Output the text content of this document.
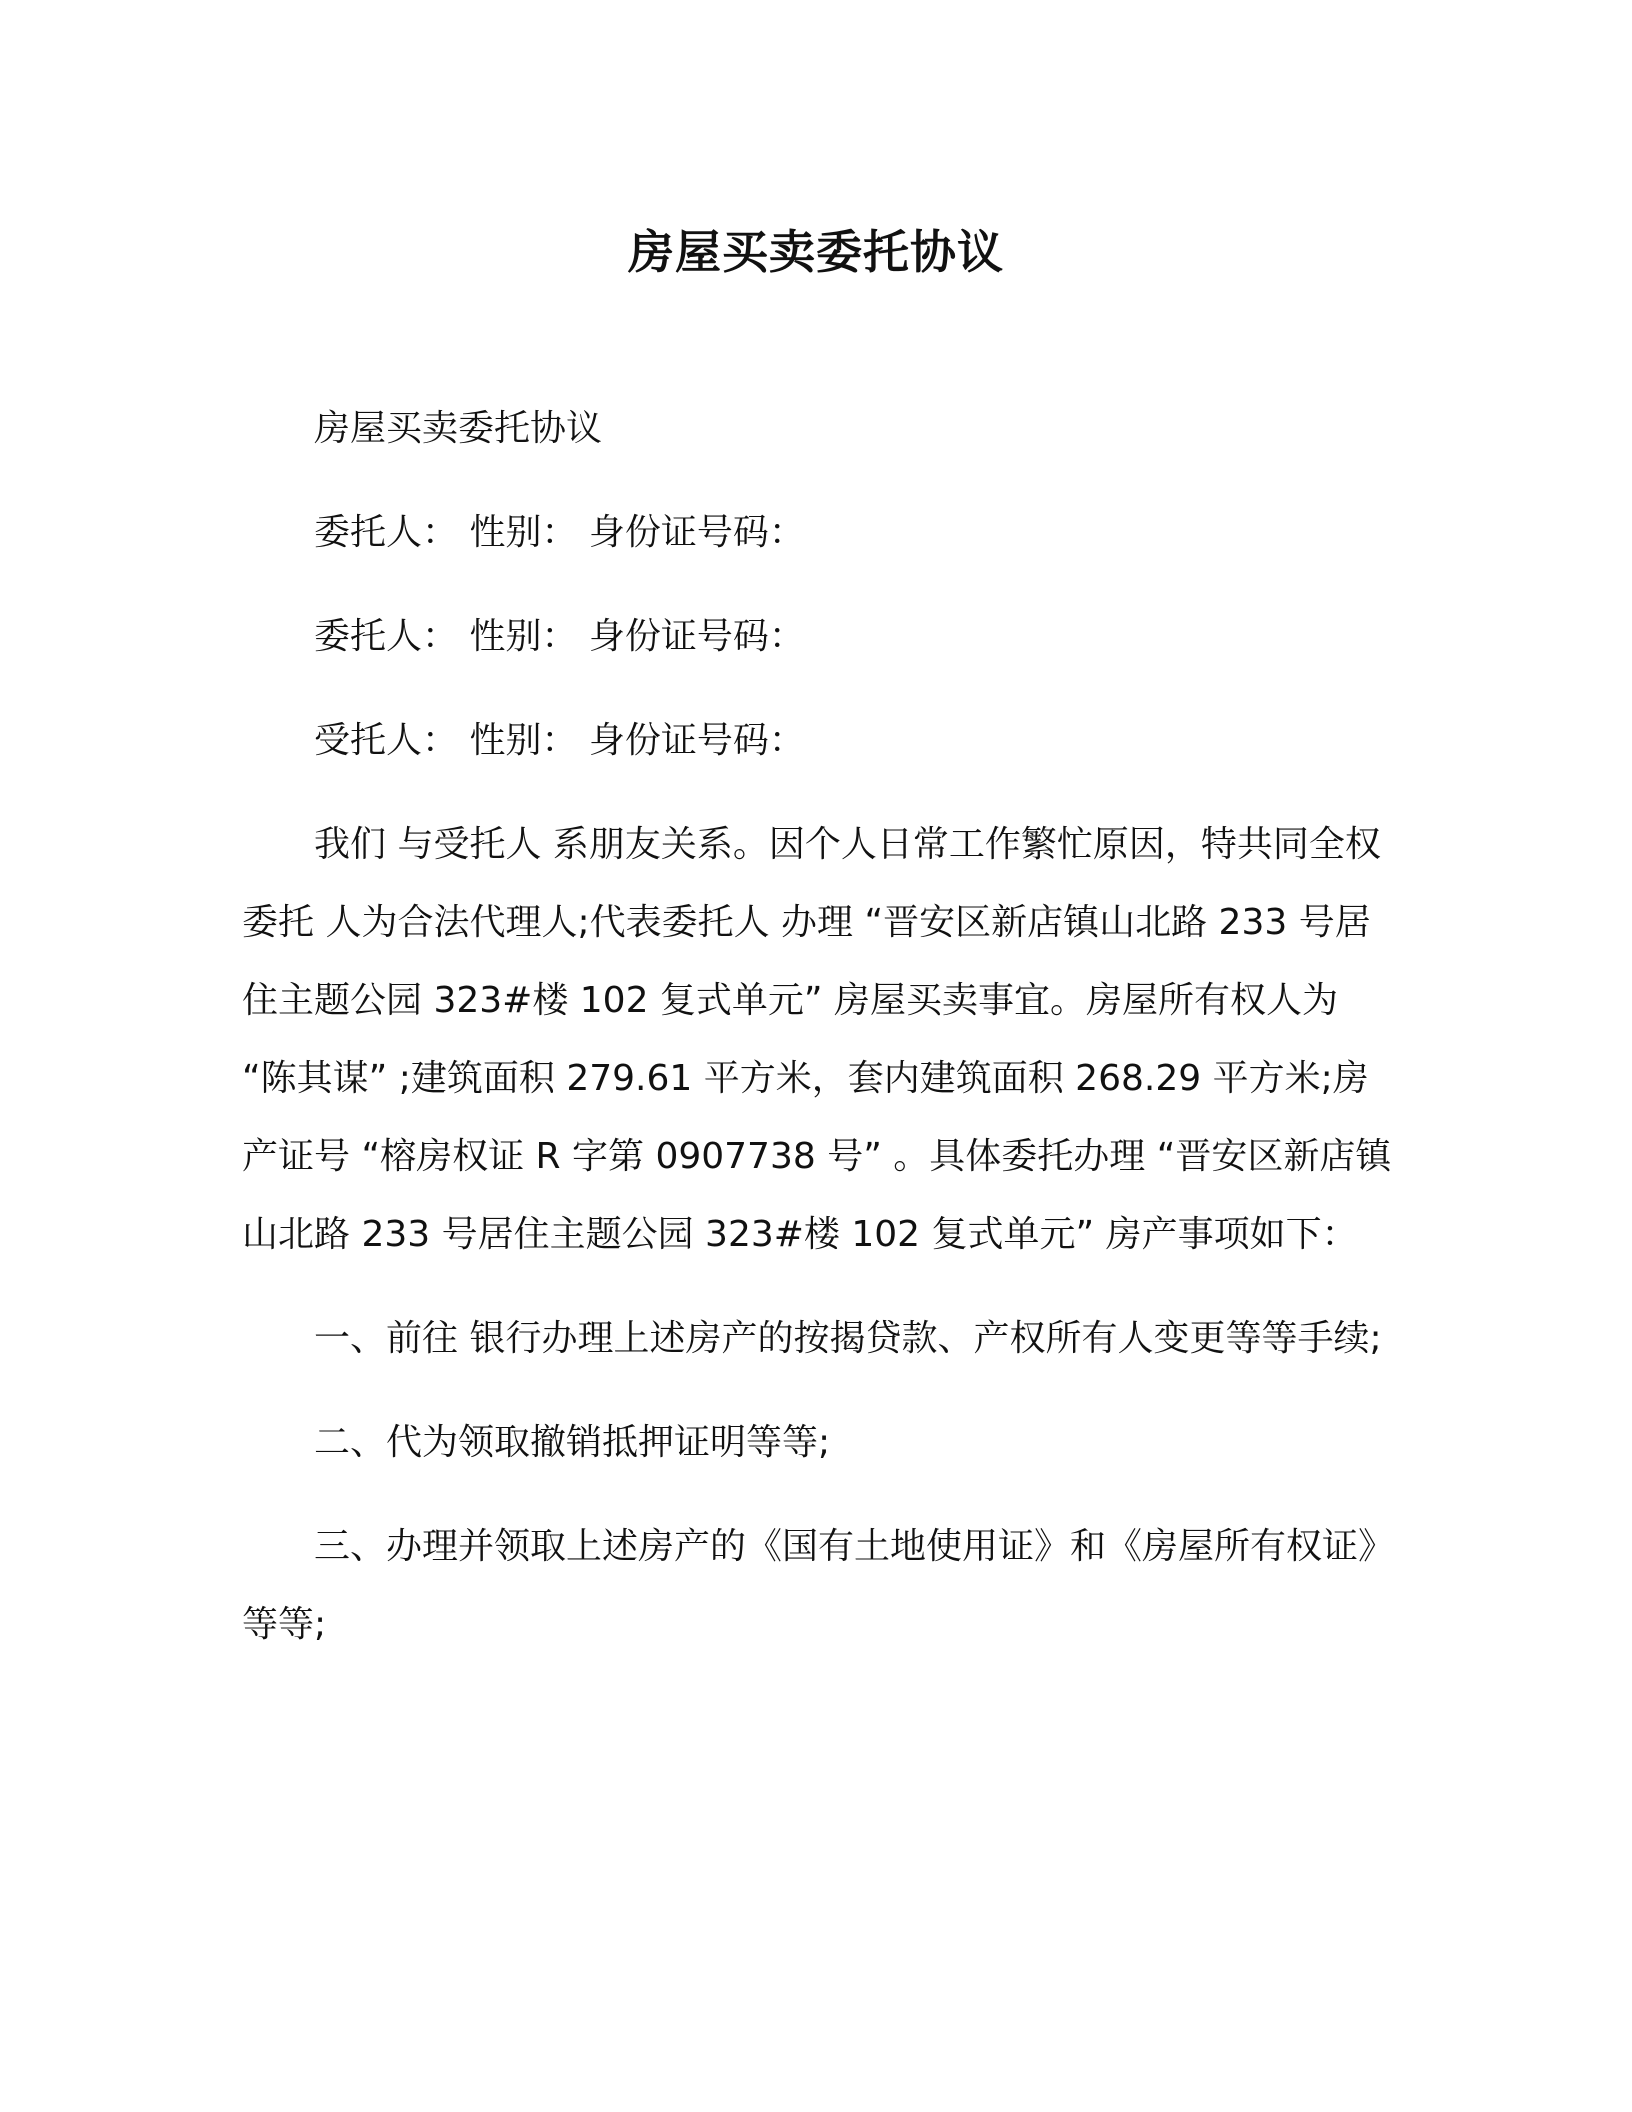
房屋买卖委托协议

房屋买卖委托协议

委托人： 性别： 身份证号码：

委托人： 性别： 身份证号码：

受托人： 性别： 身份证号码：

我们 与受托人 系朋友关系。因个人日常工作繁忙原因，特共同全权委托 人为合法代理人;代表委托人 办理 “晋安区新店镇山北路 233 号居住主题公园 323#楼 102 复式单元” 房屋买卖事宜。房屋所有权人为 “陈其谋” ;建筑面积 279.61 平方米，套内建筑面积 268.29 平方米;房产证号 “榕房权证 R 字第 0907738 号” 。具体委托办理 “晋安区新店镇山北路 233 号居住主题公园 323#楼 102 复式单元” 房产事项如下：

一、前往 银行办理上述房产的按揭贷款、产权所有人变更等等手续;

二、代为领取撤销抵押证明等等;

三、办理并领取上述房产的《国有土地使用证》和《房屋所有权证》等等;
